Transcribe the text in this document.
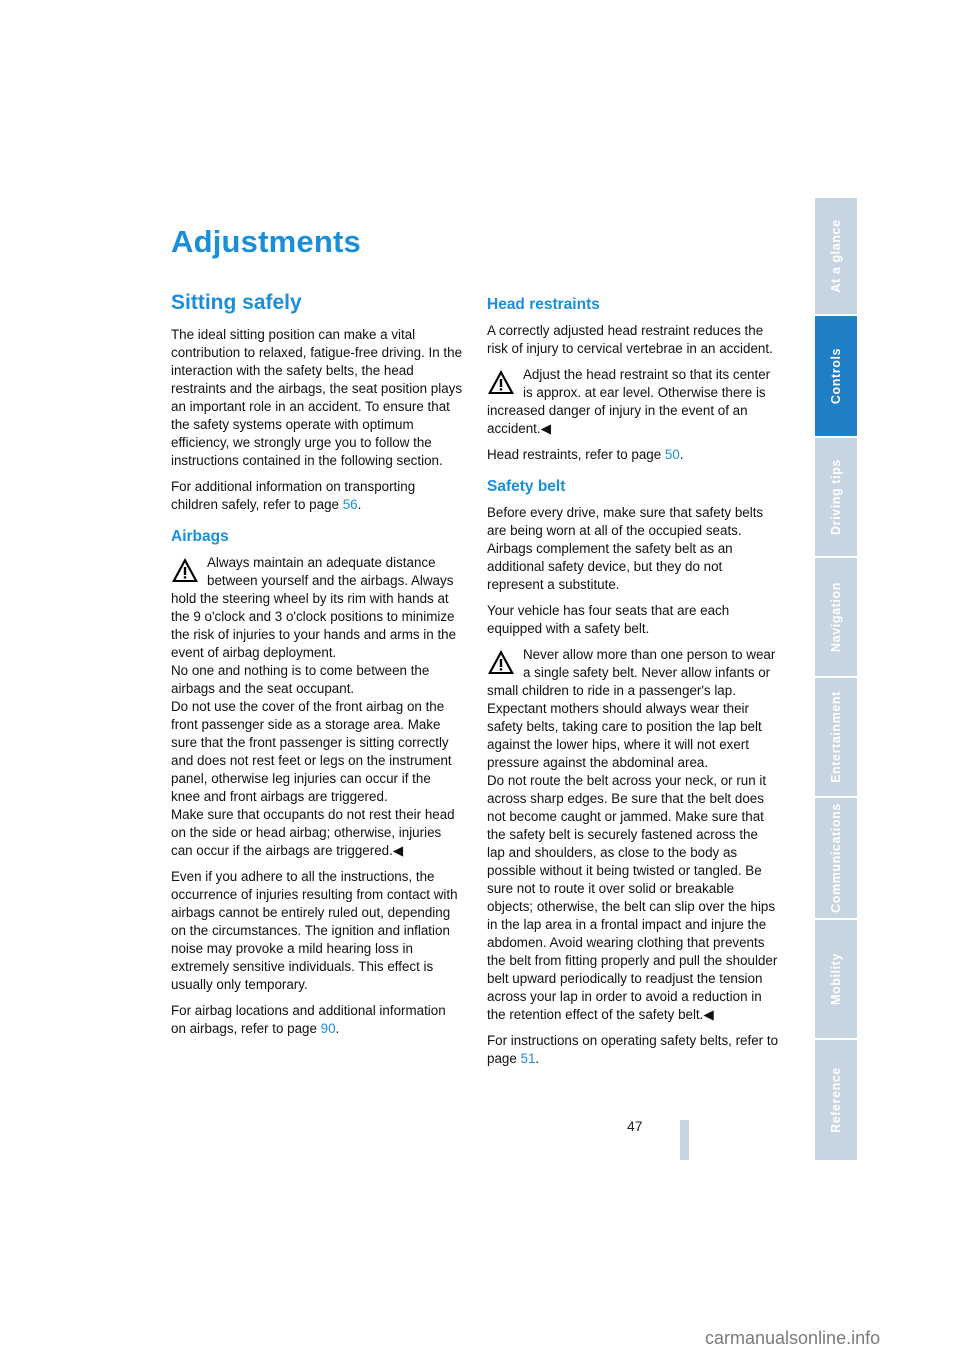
Adjustments
Sitting safely

The ideal sitting position can make a vital contribution to relaxed, fatigue-free driving. In the interaction with the safety belts, the head restraints and the airbags, the seat position plays an important role in an accident. To ensure that the safety systems operate with optimum efficiency, we strongly urge you to follow the instructions contained in the following section.

For additional information on transporting children safely, refer to page 56.

Airbags
Always maintain an adequate distance between yourself and the airbags. Always hold the steering wheel by its rim with hands at the 9 o'clock and 3 o'clock positions to minimize the risk of injuries to your hands and arms in the event of airbag deployment.
No one and nothing is to come between the airbags and the seat occupant.
Do not use the cover of the front airbag on the front passenger side as a storage area. Make sure that the front passenger is sitting correctly and does not rest feet or legs on the instrument panel, otherwise leg injuries can occur if the knee and front airbags are triggered.
Make sure that occupants do not rest their head on the side or head airbag; otherwise, injuries can occur if the airbags are triggered.◀

Even if you adhere to all the instructions, the occurrence of injuries resulting from contact with airbags cannot be entirely ruled out, depending on the circumstances. The ignition and inflation noise may provoke a mild hearing loss in extremely sensitive individuals. This effect is usually only temporary.

For airbag locations and additional information on airbags, refer to page 90.

Head restraints

A correctly adjusted head restraint reduces the risk of injury to cervical vertebrae in an accident.

Adjust the head restraint so that its center is approx. at ear level. Otherwise there is increased danger of injury in the event of an accident.◀

Head restraints, refer to page 50.

Safety belt

Before every drive, make sure that safety belts are being worn at all of the occupied seats. Airbags complement the safety belt as an additional safety device, but they do not represent a substitute.

Your vehicle has four seats that are each equipped with a safety belt.

Never allow more than one person to wear a single safety belt. Never allow infants or small children to ride in a passenger's lap.
Expectant mothers should always wear their safety belts, taking care to position the lap belt against the lower hips, where it will not exert pressure against the abdominal area.
Do not route the belt across your neck, or run it across sharp edges. Be sure that the belt does not become caught or jammed. Make sure that the safety belt is securely fastened across the lap and shoulders, as close to the body as possible without it being twisted or tangled. Be sure not to route it over solid or breakable objects; otherwise, the belt can slip over the hips in the lap area in a frontal impact and injure the abdomen. Avoid wearing clothing that prevents the belt from fitting properly and pull the shoulder belt upward periodically to readjust the tension across your lap in order to avoid a reduction in the retention effect of the safety belt.◀

For instructions on operating safety belts, refer to page 51.

At a glance
Controls
Driving tips
Navigation
Entertainment
Communications
Mobility
Reference
47
carmanualsonline.info
